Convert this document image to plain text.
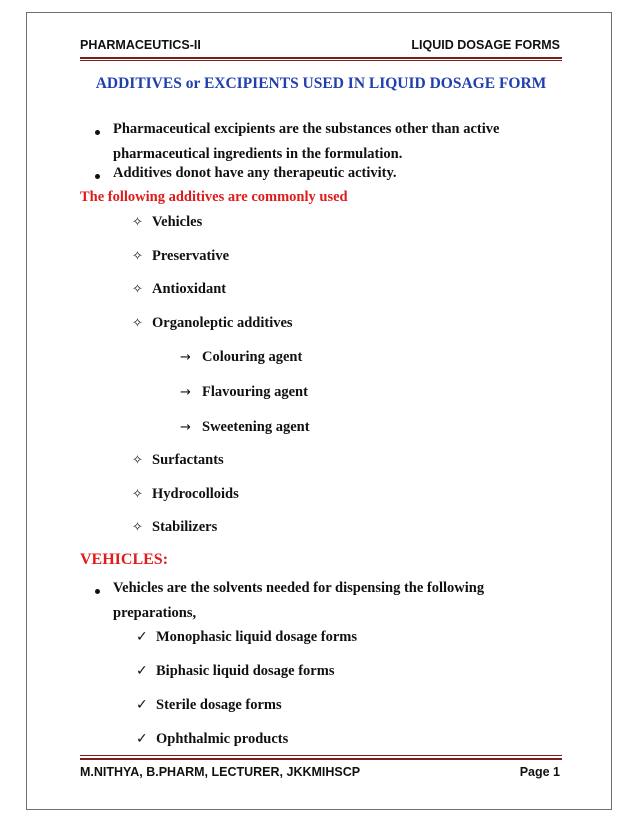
PHARMACEUTICS-II	LIQUID DOSAGE FORMS
ADDITIVES or EXCIPIENTS USED IN LIQUID DOSAGE FORM
Pharmaceutical excipients are the substances other than active
pharmaceutical ingredients in the formulation.
Additives donot have any therapeutic activity.
The following additives are commonly used
✧ Vehicles
✧ Preservative
✧ Antioxidant
✧ Organoleptic additives
→ Colouring agent
→ Flavouring agent
→ Sweetening agent
✧ Surfactants
✧ Hydrocolloids
✧ Stabilizers
VEHICLES:
Vehicles are the solvents needed for dispensing the following
preparations,
✓ Monophasic liquid dosage forms
✓ Biphasic liquid dosage forms
✓ Sterile dosage forms
✓ Ophthalmic products
M.NITHYA, B.PHARM, LECTURER, JKKMIHSCP	Page 1
